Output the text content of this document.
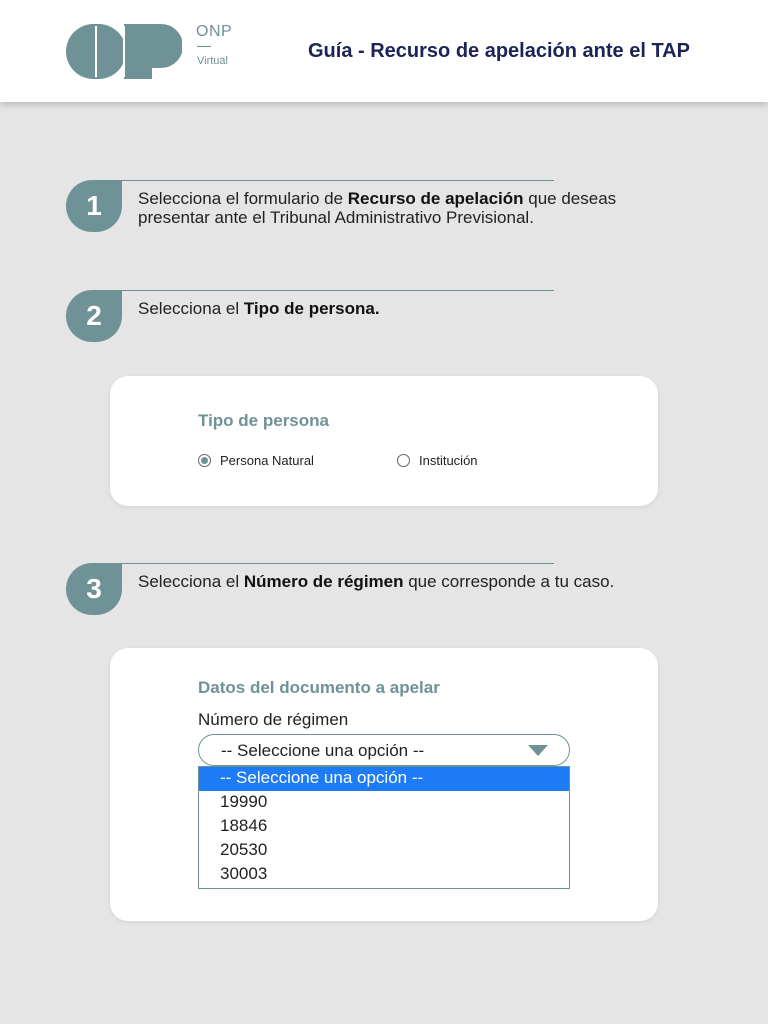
ONP
Virtual	Guía - Recurso de apelación ante el TAP
1	Selecciona el formulario de Recurso de apelación que deseas presentar ante el Tribunal Administrativo Previsional.
2	Selecciona el Tipo de persona.
Tipo de persona
Persona Natural	Institución
3	Selecciona el Número de régimen que corresponde a tu caso.
Datos del documento a apelar
Número de régimen
-- Seleccione una opción --
-- Seleccione una opción --
19990
18846
20530
30003
